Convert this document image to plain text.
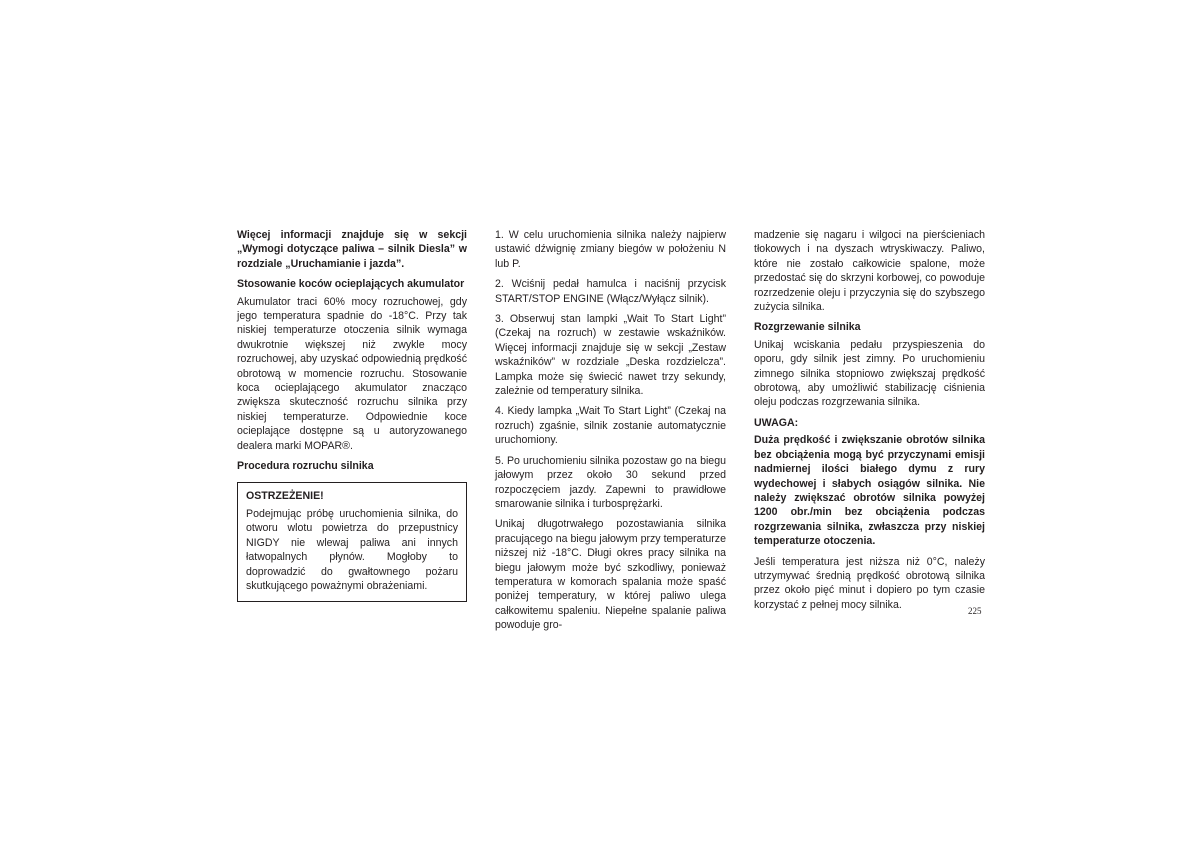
Więcej informacji znajduje się w sekcji „Wymogi dotyczące paliwa – silnik Diesla” w rozdziale „Uruchamianie i jazda”.

Stosowanie koców ocieplających akumulator

Akumulator traci 60% mocy rozruchowej, gdy jego temperatura spadnie do -18°C. Przy tak niskiej temperaturze otoczenia silnik wymaga dwukrotnie większej niż zwykle mocy rozruchowej, aby uzyskać odpowiednią prędkość obrotową w momencie rozruchu. Stosowanie koca ocieplającego akumulator znacząco zwiększa skuteczność rozruchu silnika przy niskiej temperaturze. Odpowiednie koce ocieplające dostępne są u autoryzowanego dealera marki MOPAR®.

Procedura rozruchu silnika

OSTRZEŻENIE!

Podejmując próbę uruchomienia silnika, do otworu wlotu powietrza do przepustnicy NIGDY nie wlewaj paliwa ani innych łatwopalnych płynów. Mogłoby to doprowadzić do gwałtownego pożaru skutkującego poważnymi obrażeniami.

1. W celu uruchomienia silnika należy najpierw ustawić dźwignię zmiany biegów w położeniu N lub P.

2. Wciśnij pedał hamulca i naciśnij przycisk START/STOP ENGINE (Włącz/Wyłącz silnik).

3. Obserwuj stan lampki „Wait To Start Light” (Czekaj na rozruch) w zestawie wskaźników. Więcej informacji znajduje się w sekcji „Zestaw wskaźników” w rozdziale „Deska rozdzielcza”. Lampka może się świecić nawet trzy sekundy, zależnie od temperatury silnika.

4. Kiedy lampka „Wait To Start Light” (Czekaj na rozruch) zgaśnie, silnik zostanie automatycznie uruchomiony.

5. Po uruchomieniu silnika pozostaw go na biegu jałowym przez około 30 sekund przed rozpoczęciem jazdy. Zapewni to prawidłowe smarowanie silnika i turbosprężarki.

Unikaj długotrwałego pozostawiania silnika pracującego na biegu jałowym przy temperaturze niższej niż -18°C. Długi okres pracy silnika na biegu jałowym może być szkodliwy, ponieważ temperatura w komorach spalania może spaść poniżej temperatury, w której paliwo ulega całkowitemu spaleniu. Niepełne spalanie paliwa powoduje gro-

madzenie się nagaru i wilgoci na pierścieniach tłokowych i na dyszach wtryskiwaczy. Paliwo, które nie zostało całkowicie spalone, może przedostać się do skrzyni korbowej, co powoduje rozrzedzenie oleju i przyczynia się do szybszego zużycia silnika.

Rozgrzewanie silnika

Unikaj wciskania pedału przyspieszenia do oporu, gdy silnik jest zimny. Po uruchomieniu zimnego silnika stopniowo zwiększaj prędkość obrotową, aby umożliwić stabilizację ciśnienia oleju podczas rozgrzewania silnika.

UWAGA:

Duża prędkość i zwiększanie obrotów silnika bez obciążenia mogą być przyczynami emisji nadmiernej ilości białego dymu z rury wydechowej i słabych osiągów silnika. Nie należy zwiększać obrotów silnika powyżej 1200 obr./min bez obciążenia podczas rozgrzewania silnika, zwłaszcza przy niskiej temperaturze otoczenia.

Jeśli temperatura jest niższa niż 0°C, należy utrzymywać średnią prędkość obrotową silnika przez około pięć minut i dopiero po tym czasie korzystać z pełnej mocy silnika.

225
